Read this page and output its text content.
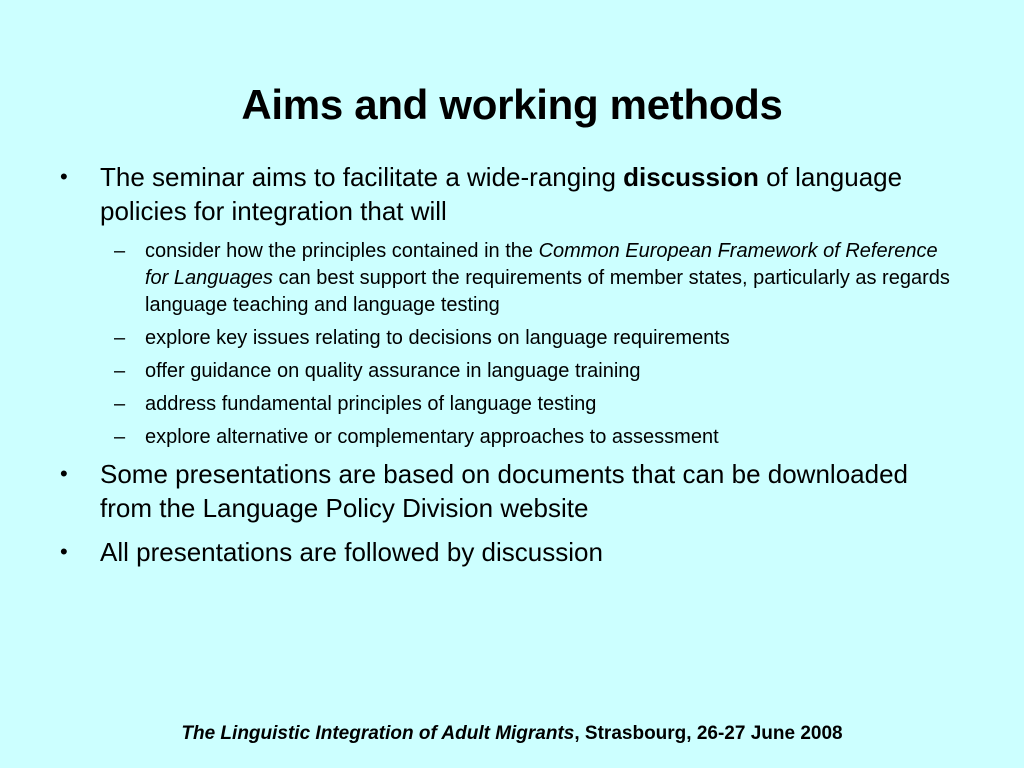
Aims and working methods
• The seminar aims to facilitate a wide-ranging discussion of language policies for integration that will
– consider how the principles contained in the Common European Framework of Reference for Languages can best support the requirements of member states, particularly as regards language teaching and language testing
– explore key issues relating to decisions on language requirements
– offer guidance on quality assurance in language training
– address fundamental principles of language testing
– explore alternative or complementary approaches to assessment
• Some presentations are based on documents that can be downloaded from the Language Policy Division website
• All presentations are followed by discussion
The Linguistic Integration of Adult Migrants, Strasbourg, 26-27 June 2008
